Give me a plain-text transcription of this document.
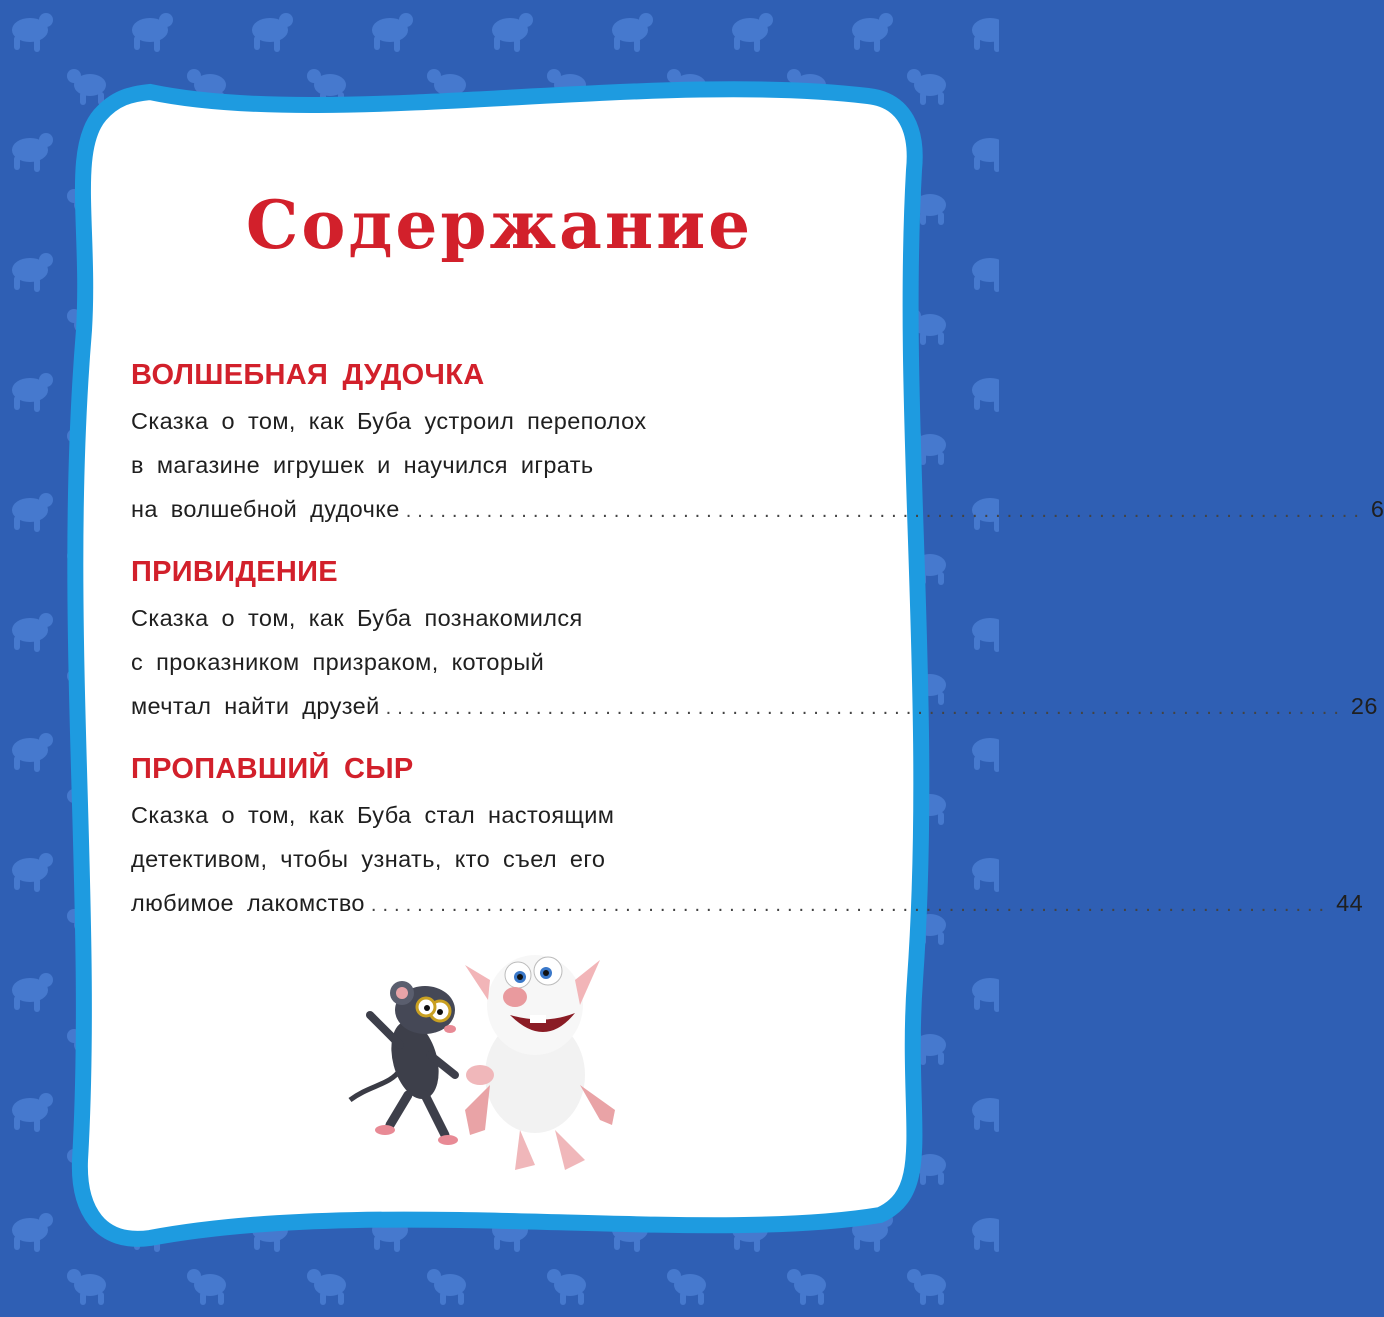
Содержание
ВОЛШЕБНАЯ ДУДОЧКА
Сказка о том, как Буба устроил переполох
в магазине игрушек и научился играть
на волшебной дудочке ................................................................................... 6
ПРИВИДЕНИЕ
Сказка о том, как Буба познакомился
с проказником призраком, который
мечтал найти друзей ................................................................................... 26
ПРОПАВШИЙ СЫР
Сказка о том, как Буба стал настоящим
детективом, чтобы узнать, кто съел его
любимое лакомство ................................................................................... 44
